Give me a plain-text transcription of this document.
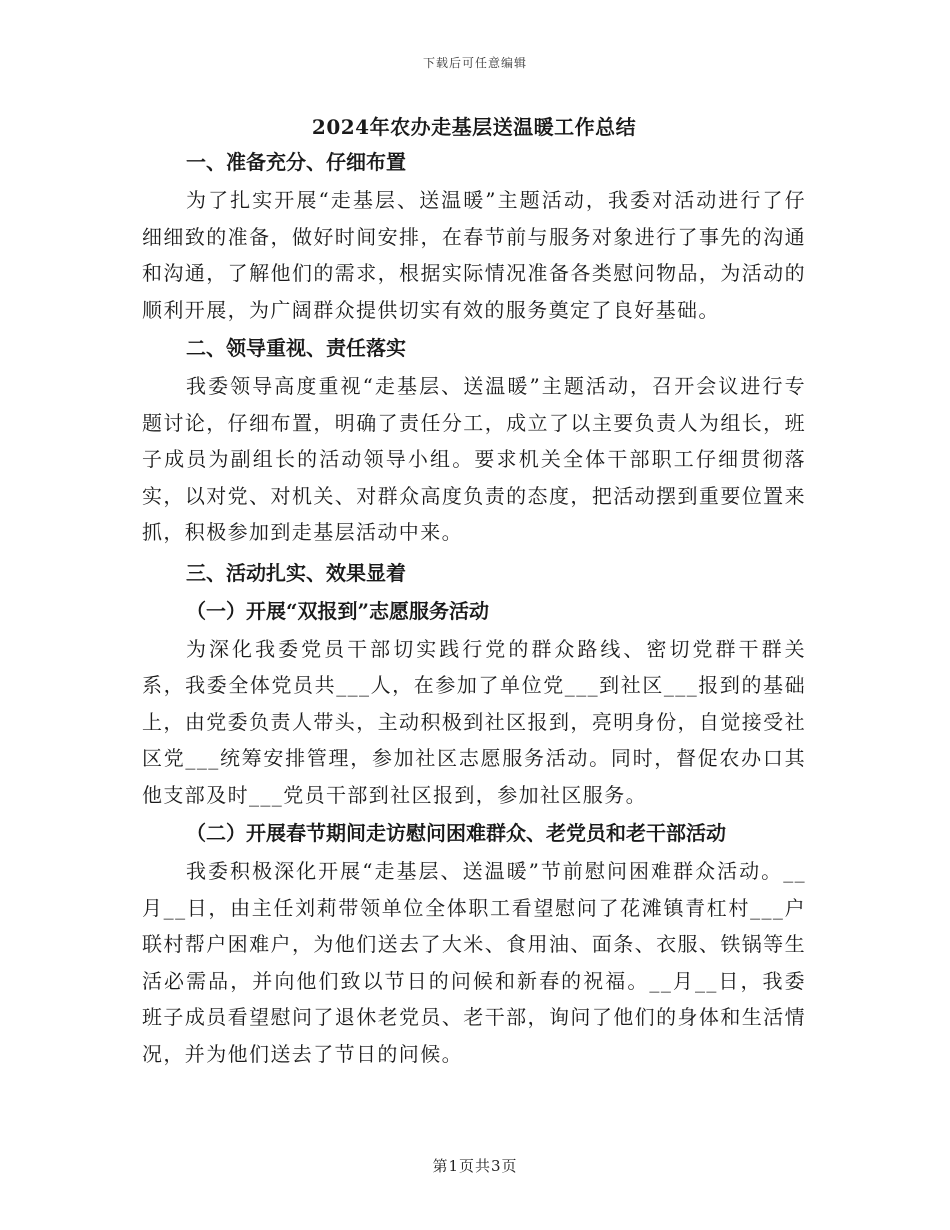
下载后可任意编辑
2024年农办走基层送温暖工作总结
一、准备充分、仔细布置

为了扎实开展“走基层、送温暖”主题活动，我委对活动进行了仔细细致的准备，做好时间安排，在春节前与服务对象进行了事先的沟通和沟通，了解他们的需求，根据实际情况准备各类慰问物品，为活动的顺利开展，为广阔群众提供切实有效的服务奠定了良好基础。

二、领导重视、责任落实

我委领导高度重视“走基层、送温暖”主题活动，召开会议进行专题讨论，仔细布置，明确了责任分工，成立了以主要负责人为组长，班子成员为副组长的活动领导小组。要求机关全体干部职工仔细贯彻落实，以对党、对机关、对群众高度负责的态度，把活动摆到重要位置来抓，积极参加到走基层活动中来。

三、活动扎实、效果显着
（一）开展“双报到”志愿服务活动

为深化我委党员干部切实践行党的群众路线、密切党群干群关系，我委全体党员共___人，在参加了单位党___到社区___报到的基础上，由党委负责人带头，主动积极到社区报到，亮明身份，自觉接受社区党___统筹安排管理，参加社区志愿服务活动。同时，督促农办口其他支部及时___党员干部到社区报到，参加社区服务。

（二）开展春节期间走访慰问困难群众、老党员和老干部活动

我委积极深化开展“走基层、送温暖”节前慰问困难群众活动。__月__日，由主任刘莉带领单位全体职工看望慰问了花滩镇青杠村___户联村帮户困难户，为他们送去了大米、食用油、面条、衣服、铁锅等生活必需品，并向他们致以节日的问候和新春的祝福。__月__日，我委班子成员看望慰问了退休老党员、老干部，询问了他们的身体和生活情况，并为他们送去了节日的问候。

第1页共3页
